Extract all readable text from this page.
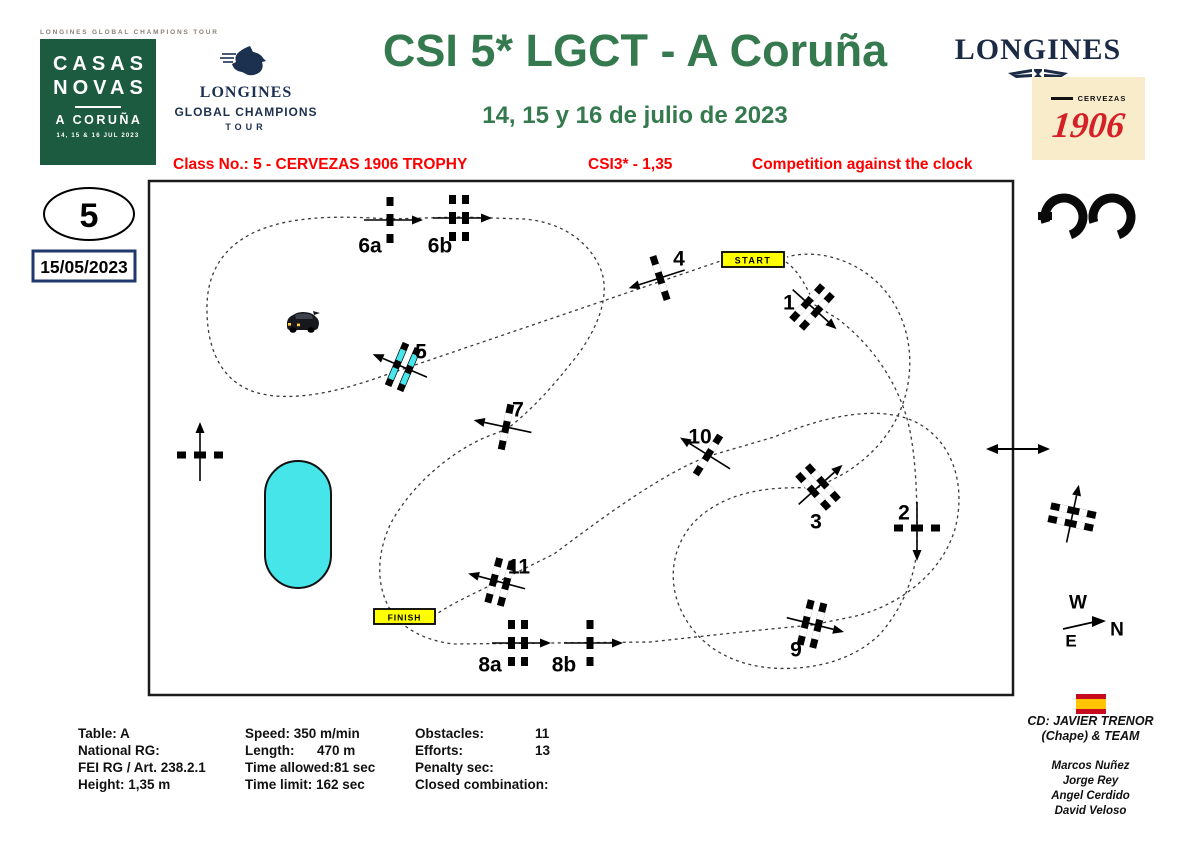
LONGINES GLOBAL CHAMPIONS TOUR
CASAS
NOVAS
A CORUÑA
14, 15 & 16 JUL 2023
LONGINES
GLOBAL CHAMPIONS
TOUR
CSI 5* LGCT - A Coruña
14, 15 y 16 de julio de 2023
LONGINES
CERVEZAS
1906
Class No.: 5 - CERVEZAS 1906 TROPHY	CSI3* - 1,35	Competition against the clock
1
2
3
4
5
6a 6b
7
8a 8b
9
10
11
START
FINISH
5
15/05/2023
W
E
N
Table: A
National RG:
FEI RG / Art. 238.2.1
Height: 1,35 m
Speed: 350 m/min
Length:      470 m
Time allowed:81 sec
Time limit: 162 sec
Obstacles:	11
Efforts:	13
Penalty sec:
Closed combination:
CD: JAVIER TRENOR
(Chape) & TEAM
Marcos Nuñez
Jorge Rey
Angel Cerdido
David Veloso
